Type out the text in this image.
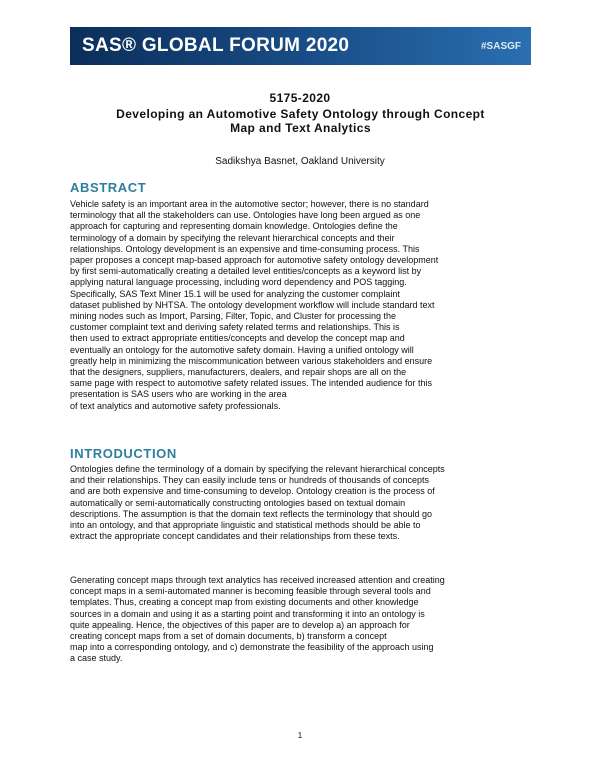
SAS® GLOBAL FORUM 2020	#SASGF
5175-2020
Developing an Automotive Safety Ontology through Concept
Map and Text Analytics
Sadikshya Basnet, Oakland University
ABSTRACT
Vehicle safety is an important area in the automotive sector; however, there is no standard
terminology that all the stakeholders can use. Ontologies have long been argued as one
approach for capturing and representing domain knowledge. Ontologies define the
terminology of a domain by specifying the relevant hierarchical concepts and their
relationships. Ontology development is an expensive and time-consuming process. This
paper proposes a concept map-based approach for automotive safety ontology development
by first semi-automatically creating a detailed level entities/concepts as a keyword list by
applying natural language processing, including word dependency and POS tagging.
Specifically, SAS Text Miner 15.1 will be used for analyzing the customer complaint
dataset published by NHTSA. The ontology development workflow will include standard text
mining nodes such as Import, Parsing, Filter, Topic, and Cluster for processing the
customer complaint text and deriving safety related terms and relationships. This is
then used to extract appropriate entities/concepts and develop the concept map and
eventually an ontology for the automotive safety domain. Having a unified ontology will
greatly help in minimizing the miscommunication between various stakeholders and ensure
that the designers, suppliers, manufacturers, dealers, and repair shops are all on the
same page with respect to automotive safety related issues. The intended audience for this
presentation is SAS users who are working in the area
of text analytics and automotive safety professionals.
INTRODUCTION
Ontologies define the terminology of a domain by specifying the relevant hierarchical concepts
and their relationships. They can easily include tens or hundreds of thousands of concepts
and are both expensive and time-consuming to develop. Ontology creation is the process of
automatically or semi-automatically constructing ontologies based on textual domain
descriptions. The assumption is that the domain text reflects the terminology that should go
into an ontology, and that appropriate linguistic and statistical methods should be able to
extract the appropriate concept candidates and their relationships from these texts.
Generating concept maps through text analytics has received increased attention and creating
concept maps in a semi-automated manner is becoming feasible through several tools and
templates. Thus, creating a concept map from existing documents and other knowledge
sources in a domain and using it as a starting point and transforming it into an ontology is
quite appealing. Hence, the objectives of this paper are to develop a) an approach for
creating concept maps from a set of domain documents, b) transform a concept
map into a corresponding ontology, and c) demonstrate the feasibility of the approach using
a case study.
1
